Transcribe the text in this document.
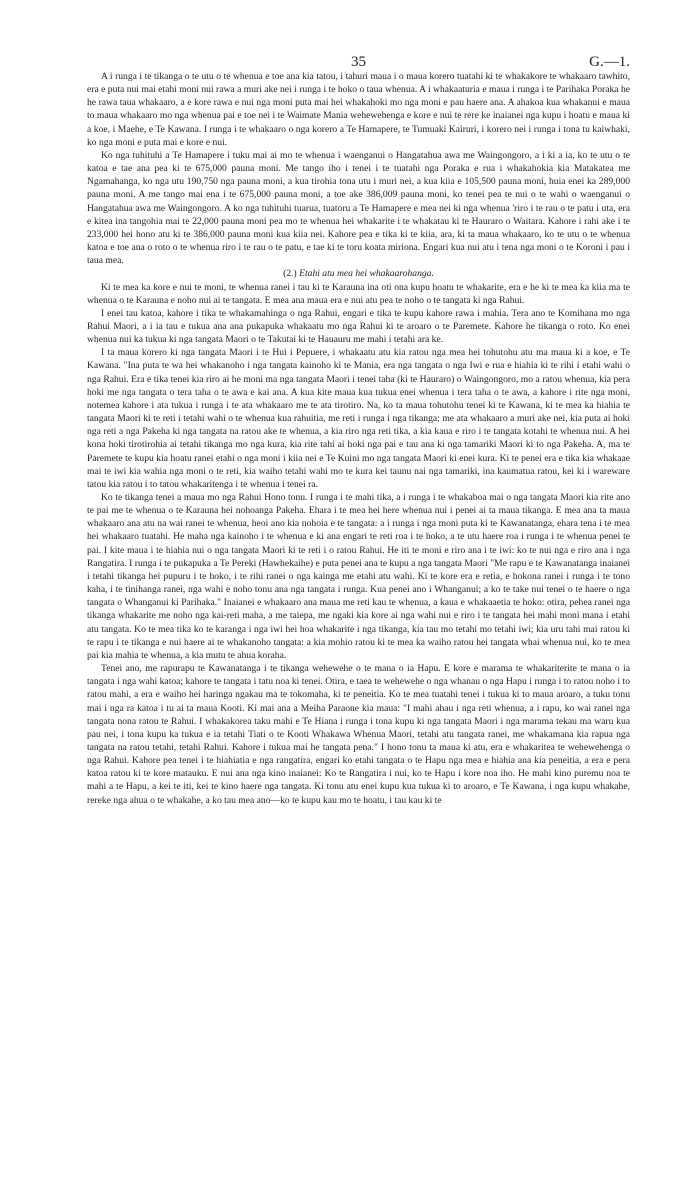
35	G.—1.

A i runga i te tikanga o te utu o te whenua e toe ana kia tatou, i tahuri maua i o maua korero tuatahi ki te whakakore te whakaaro tawhito, era e puta nui mai etahi moni nui rawa a muri ake nei i runga i te hoko o taua whenua. A i whakaaturia e maua i runga i te Parihaka Poraka he he rawa taua whakaaro, a e kore rawa e nui nga moni puta mai hei whakahoki mo nga moni e pau haere ana. A ahakoa kua whakanui e maua to maua whakaaro mo nga whenua pai e toe nei i te Waimate Mania wehewehenga e kore e nui te rere ke inaianei nga kupu i hoatu e maua ki a koe, i Maehe, e Te Kawana. I runga i te whakaaro o nga korero a Te Hamapere, te Tumuaki Kairuri, i korero nei i runga i tona tu kaiwhaki, ko nga moni e puta mai e kore e nui.

Ko nga tuhituhi a Te Hamapere i tuku mai ai mo te whenua i waenganui o Hangatahua awa me Waingongoro, a i ki a ia, ko te utu o te katoa e tae ana pea ki te 675,000 pauna moni. Me tango iho i tenei i te tuatahi nga Poraka e rua i whakahokia kia Matakatea me Ngamahanga, ko nga utu 190,750 nga pauna moni, a kua tirohia tona utu i muri nei, a kua kiia e 105,500 pauna moni, huia enei ka 289,000 pauna moni. A me tango mai ena i te 675,000 pauna moni, a toe ake 386,009 pauna moni, ko tenei pea te nui o te wahi o waenganui o Hangatahua awa me Waingongoro. A ko nga tuhituhi tuarua, tuatoru a Te Hamapere e mea nei ki nga whenua 'riro i te rau o te patu i uta, era e kitea ina tangohia mai te 22,000 pauna moni pea mo te whenua hei whakarite i te whakatau ki te Hauraro o Waitara. Kahore i rahi ake i te 233,000 hei hono atu ki te 386,000 pauna moni kua kiia nei. Kahore pea e tika ki te kiia, ara, ki ta maua whakaaro, ko te utu o te whenua katoa e toe ana o roto o te whenua riro i te rau o te patu, e tae ki te toru koata miriona. Engari kua nui atu i tena nga moni o te Koroni i pau i taua mea.

(2.) Etahi atu mea hei whakaarohanga.

Ki te mea ka kore e nui te moni, te whenua ranei i tau ki te Karauna ina oti ona kupu hoatu te whakarite, era e he ki te mea ka kiia ma te whenua o te Karauna e noho nui ai te tangata. E mea ana maua era e nui atu pea te noho o te tangata ki nga Rahui.

I enei tau katoa, kahore i tika te whakamahinga o nga Rahui, engari e tika te kupu kahore rawa i mahia. Tera ano te Komihana mo nga Rahui Maori, a i ia tau e tukua ana ana pukapuka whakaatu mo nga Rahui ki te aroaro o te Paremete. Kahore he tikanga o roto. Ko enei whenua nui ka tukua ki nga tangata Maori o te Takutai ki te Hauauru me mahi i tetahi ara ke.

I ta maua korero ki nga tangata Maori i te Hui i Pepuere, i whakaatu atu kia ratou nga mea hei tohutohu atu ma maua ki a koe, e Te Kawana. "Ina puta te wa hei whakanoho i nga tangata kainoho ki te Mania, era nga tangata o nga Iwi e rua e hiahia ki te rihi i etahi wahi o nga Rahui. Era e tika tenei kia riro ai he moni ma nga tangata Maori i tenei taha (ki te Hauraro) o Waingongoro, mo a ratou whenua, kia pera hoki me nga tangata o tera taha o te awa e kai ana. A kua kite maua kua tukua enei whenua i tera taha o te awa, a kahore i rite nga moni, notemea kahore i ata tukua i runga i te ata whakaaro me te ata tirotiro. Na, ko ta maua tohutohu tenei ki te Kawana, ki te mea ka hiahia te tangata Maori ki te reti i tetahi wahi o te whenua kua rahuitia, me reti i runga i nga tikanga; me ata whakaaro a muri ake nei, kia puta ai hoki nga reti a nga Pakeha ki nga tangata na ratou ake te whenua, a kia riro nga reti tika, a kia kaua e riro i te tangata kotahi te whenua nui. A hei kona hoki tirotirohia ai tetahi tikanga mo nga kura, kia rite tahi ai hoki nga pai e tau ana ki nga tamariki Maori ki to nga Pakeha. A, ma te Paremete te kupu kia hoatu ranei etahi o nga moni i kiia nei e Te Kuini mo nga tangata Maori ki enei kura. Ki te penei era e tika kia whakaae mai te iwi kia wahia nga moni o te reti, kia waiho tetahi wahi mo te kura kei taunu nai nga tamariki, ina kaumatua ratou, kei ki i wareware tatou kia ratou i to tatou whakaritenga i te whenua i tenei ra.

Ko te tikanga tenei a maua mo nga Rahui Hono tonu. I runga i te mahi tika, a i runga i te whakaboa mai o nga tangata Maori kia rite ano te pai me te whenua o te Karauna hei nohoanga Pakeha. Ehara i te mea hei here whenua nui i penei ai ta maua tikanga. E mea ana ta maua whakaaro ana atu na wai ranei te whenua, heoi ano kia nohoia e te tangata: a i runga i nga moni puta ki te Kawanatanga, ehara tena i te mea hei whakaaro tuatahi. He maha nga kainoho i te whenua e ki ana engari te reti roa i te hoko, a te utu haere roa i runga i te whenua penei te pai. I kite maua i te hiahia nui o nga tangata Maori ki te reti i o ratou Rahui. He iti te moni e riro ana i te iwi: ko te nui nga e riro ana i nga Rangatira. I runga i te pukapuka a Te Pereki (Hawhekaihe) e puta penei ana te kupu a nga tangata Maori "Me rapu e te Kawanatanga inaianei i tetahi tikanga hei pupuru i te hoko, i te rihi ranei o nga kainga me etahi atu wahi. Ki te kore era e retia, e hokona ranei i runga i te tono kaha, i te tinihanga ranei, nga wahi e noho tonu ana nga tangata i runga. Kua penei ano i Whanganui; a ko te take nui tenei o te haere o nga tangata o Whanganui ki Parihaka." Inaianei e whakaaro ana maua me reti kau te whenua, a kaua e whakaaetia te hoko: otira, pehea ranei nga tikanga whakarite me noho nga kai-reti maha, a me taiepa, me ngaki kia kore ai nga wahi nui e riro i te tangata hei mahi moni mana i etahi atu tangata. Ko te mea tika ko te karanga i nga iwi hei hoa whakarite i nga tikanga, kia tau mo tetahi mo tetahi iwi; kia uru tahi mai ratou ki te rapu i te tikanga e nui haere ai te whakanoho tangata: a kia mohio ratou ki te mea ka waiho ratou hei tangata whai whenua nui, ko te mea pai kia mahia te whenua, a kia mutu te ahua koraha.

Tenei ano, me rapurapu te Kawanatanga i te tikanga wehewehe o te mana o ia Hapu. E kore e marama te whakariterite te mana o ia tangata i nga wahi katoa; kahore te tangata i tatu noa ki tenei. Otira, e taea te wehewehe o nga whanau o nga Hapu i runga i to ratou noho i to ratou mahi, a era e waiho hei haringa ngakau ma te tokomaha, ki te peneitia. Ko te mea tuatahi tenei i tukua ki to maua aroaro, a tuku tonu mai i nga ra katoa i tu ai ta maua Kooti. Ki mai ana a Meiha Paraone kia maua: "I mahi ahau i nga reti whenua, a i rapu, ko wai ranei nga tangata nona ratou te Rahui. I whakakorea taku mahi e Te Hiana i runga i tona kupu ki nga tangata Maori i nga marama tekau ma waru kua pau nei, i tona kupu ka tukua e ia tetahi Tiati o te Kooti Whakawa Whenua Maori, tetahi atu tangata ranei, me whakamana kia rapua nga tangata na ratou tetahi, tetahi Rahui. Kahore i tukua mai he tangata pena." I hono tonu ta maua ki atu, era e whakaritea te wehewehenga o nga Rahui. Kahore pea tenei i te hiahiatia e nga rangatira, engari ko etahi tangata o te Hapu nga mea e hiahia ana kia peneitia, a era e pera katoa ratou ki te kore matauku. E nui ana nga kino inaianei: Ko te Rangatira i nui, ko te Hapu i kore noa iho. He mahi kino puremu noa te mahi a te Hapu, a kei te iti, kei te kino haere nga tangata. Ki tonu atu enei kupu kua tukua ki to aroaro, e Te Kawana, i nga kupu whakahe, rereke nga ahua o te whakahe, a ko tau mea ano—ko te kupu kau mo te hoatu, i tau kau ki te
